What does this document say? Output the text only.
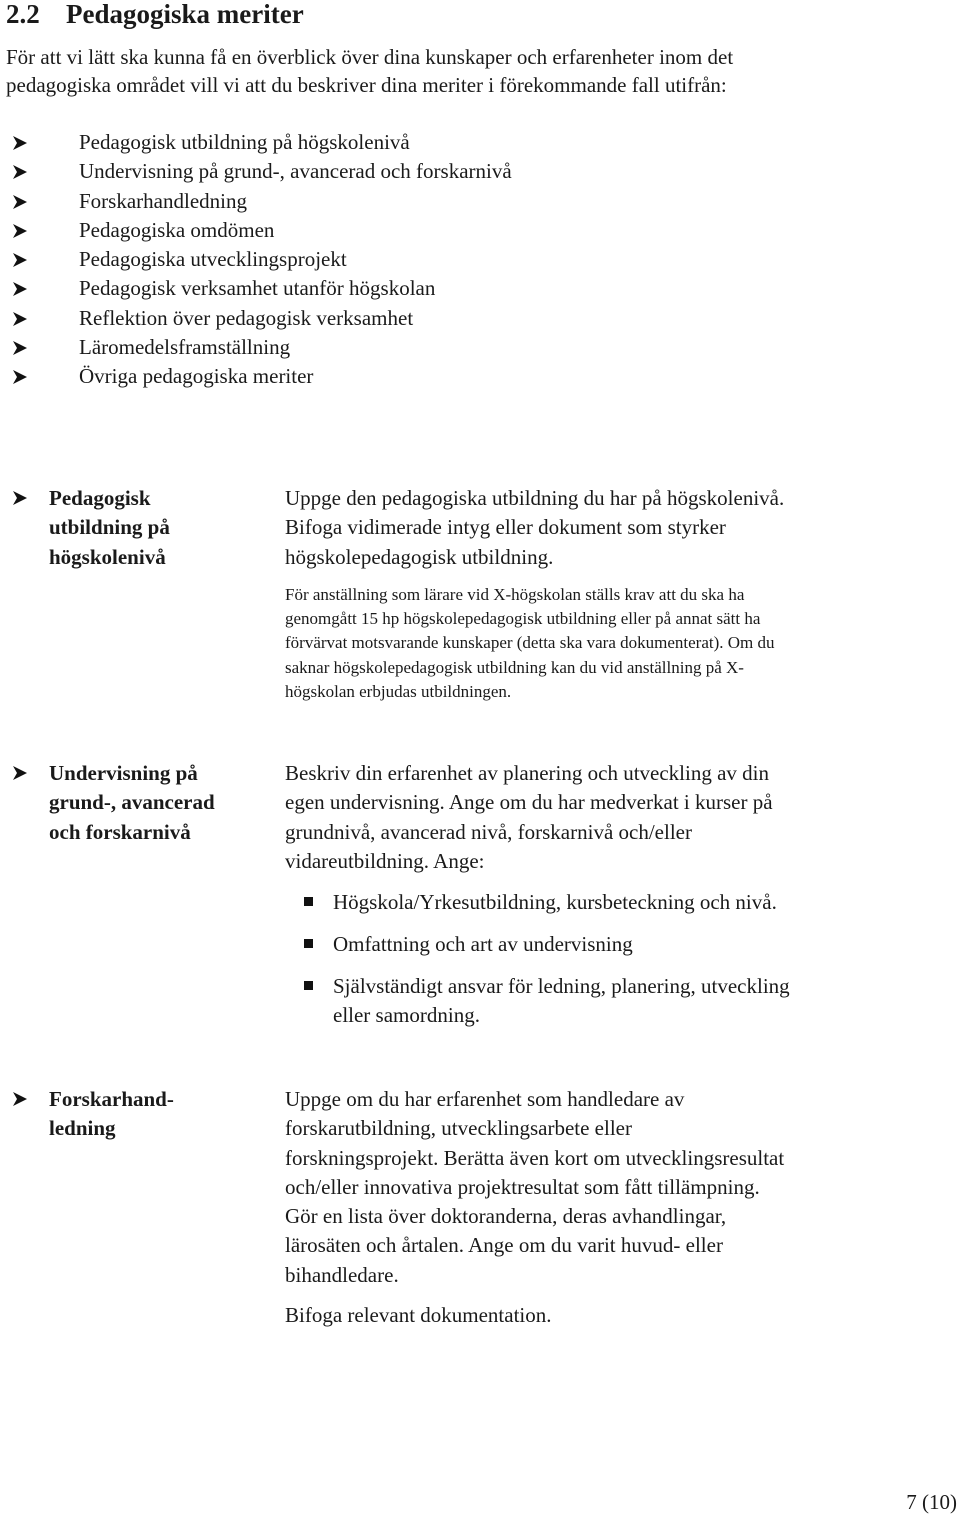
2.2 Pedagogiska meriter

För att vi lätt ska kunna få en överblick över dina kunskaper och erfarenheter inom det
pedagogiska området vill vi att du beskriver dina meriter i förekommande fall utifrån:

Pedagogisk utbildning på högskolenivå
Undervisning på grund-, avancerad och forskarnivå
Forskarhandledning
Pedagogiska omdömen
Pedagogiska utvecklingsprojekt
Pedagogisk verksamhet utanför högskolan
Reflektion över pedagogisk verksamhet
Läromedelsframställning
Övriga pedagogiska meriter
Pedagogisk
utbildning på
högskolenivå

Uppge den pedagogiska utbildning du har på högskolenivå.
Bifoga vidimerade intyg eller dokument som styrker
högskolepedagogisk utbildning.

För anställning som lärare vid X-högskolan ställs krav att du ska ha
genomgått 15 hp högskolepedagogisk utbildning eller på annat sätt ha
förvärvat motsvarande kunskaper (detta ska vara dokumenterat). Om du
saknar högskolepedagogisk utbildning kan du vid anställning på X-
högskolan erbjudas utbildningen.

Undervisning på
grund-, avancerad
och forskarnivå

Beskriv din erfarenhet av planering och utveckling av din
egen undervisning. Ange om du har medverkat i kurser på
grundnivå, avancerad nivå, forskarnivå och/eller
vidareutbildning. Ange:

Högskola/Yrkesutbildning, kursbeteckning och nivå.
Omfattning och art av undervisning
Självständigt ansvar för ledning, planering, utveckling
eller samordning.
Forskarhand-
ledning

Uppge om du har erfarenhet som handledare av
forskarutbildning, utvecklingsarbete eller
forskningsprojekt. Berätta även kort om utvecklingsresultat
och/eller innovativa projektresultat som fått tillämpning.
Gör en lista över doktoranderna, deras avhandlingar,
lärosäten och årtalen. Ange om du varit huvud- eller
bihandledare.

Bifoga relevant dokumentation.

7 (10)
